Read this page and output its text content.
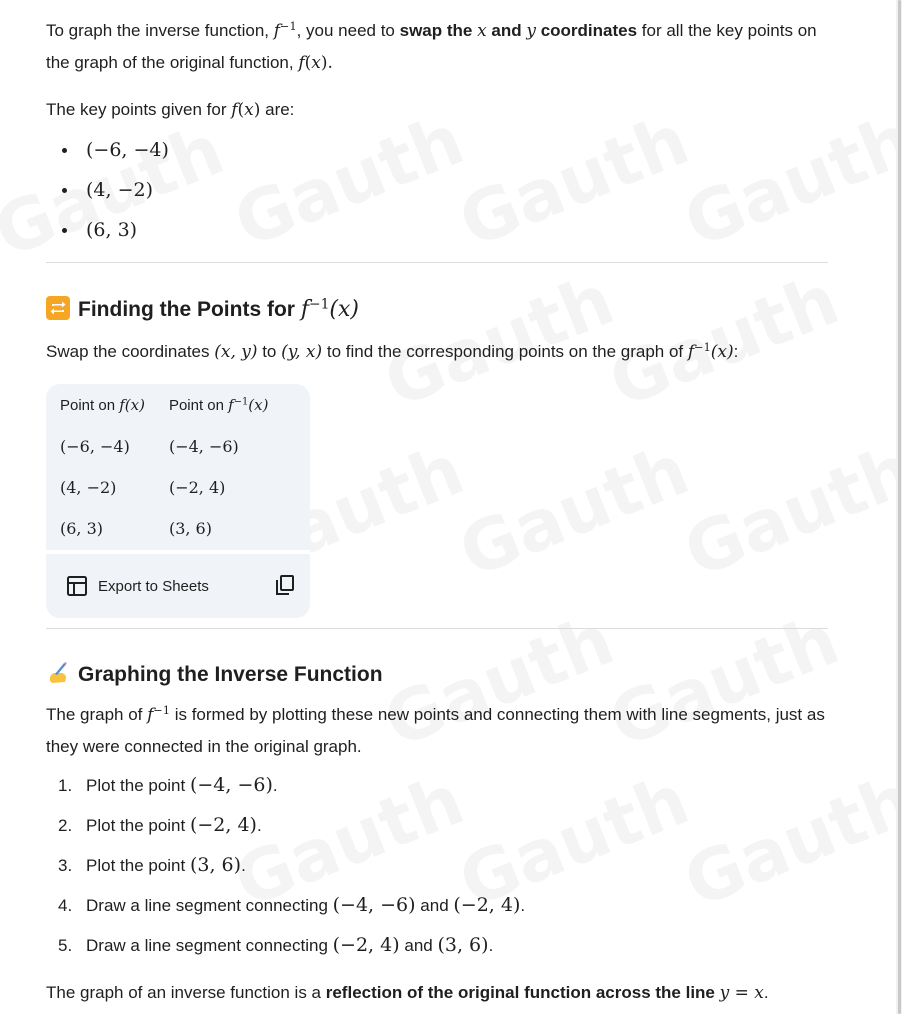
To graph the inverse function, $f^{-1}$, you need to swap the x and y coordinates for all the key points on the graph of the original function, f(x).

The key points given for f(x) are:

(−6, −4)
(4, −2)
(6, 3)
Finding the Points for $f^{-1}(x)$

Swap the coordinates (x, y) to (y, x) to find the corresponding points on the graph of $f^{-1}(x)$:

Point on f(x)	Point on $f^{-1}(x)$
(−6, −4)	(−4, −6)
(4, −2)	(−2, 4)
(6, 3)	(3, 6)
Export to Sheets
Graphing the Inverse Function

The graph of $f^{-1}$ is formed by plotting these new points and connecting them with line segments, just as they were connected in the original graph.

1. Plot the point (−4, −6).
2. Plot the point (−2, 4).
3. Plot the point (3, 6).
4. Draw a line segment connecting (−4, −6) and (−2, 4).
5. Draw a line segment connecting (−2, 4) and (3, 6).

The graph of an inverse function is a reflection of the original function across the line y = x.
